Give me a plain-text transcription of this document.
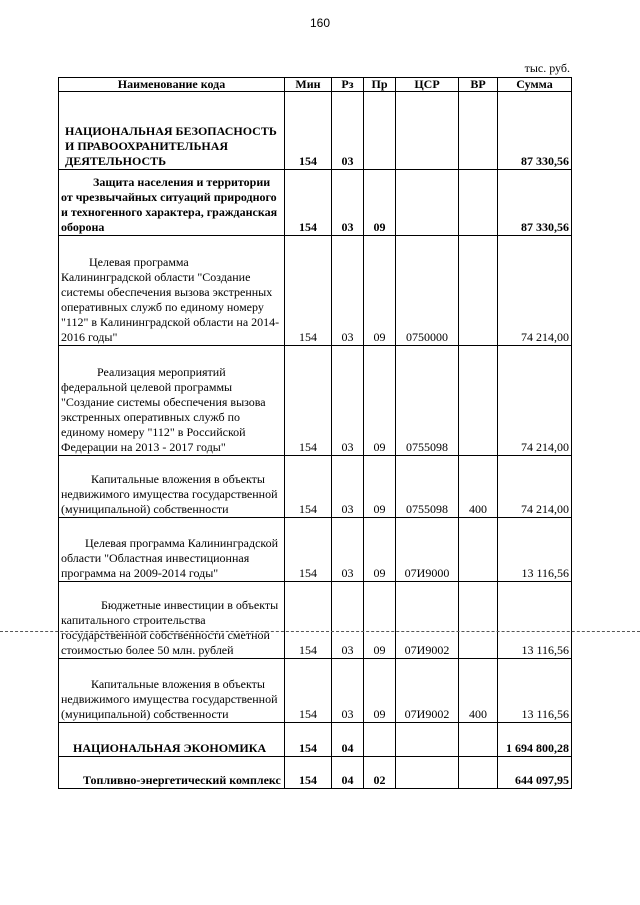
160
тыс. руб.
Наименование кода	Мин	Рз	Пр	ЦСР	ВР	Сумма
НАЦИОНАЛЬНАЯ БЕЗОПАСНОСТЬ И ПРАВООХРАНИТЕЛЬНАЯ ДЕЯТЕЛЬНОСТЬ	154	03				87 330,56
Защита населения и территории от чрезвычайных ситуаций природного и техногенного характера, гражданская оборона	154	03	09			87 330,56
Целевая программа Калининградской области "Создание системы обеспечения вызова экстренных оперативных служб по единому номеру "112" в Калининградской области на 2014-2016 годы"	154	03	09	0750000		74 214,00
Реализация мероприятий федеральной целевой программы "Создание системы обеспечения вызова экстренных оперативных служб по единому номеру "112" в Российской Федерации на 2013 - 2017 годы"	154	03	09	0755098		74 214,00
Капитальные вложения в объекты недвижимого имущества государственной (муниципальной) собственности	154	03	09	0755098	400	74 214,00
Целевая программа Калининградской области "Областная инвестиционная программа на 2009-2014 годы"	154	03	09	07И9000		13 116,56
Бюджетные инвестиции в объекты капитального строительства государственной собственности сметной стоимостью более 50 млн. рублей	154	03	09	07И9002		13 116,56
Капитальные вложения в объекты недвижимого имущества государственной (муниципальной) собственности	154	03	09	07И9002	400	13 116,56
НАЦИОНАЛЬНАЯ ЭКОНОМИКА	154	04				1 694 800,28
Топливно-энергетический комплекс	154	04	02			644 097,95
